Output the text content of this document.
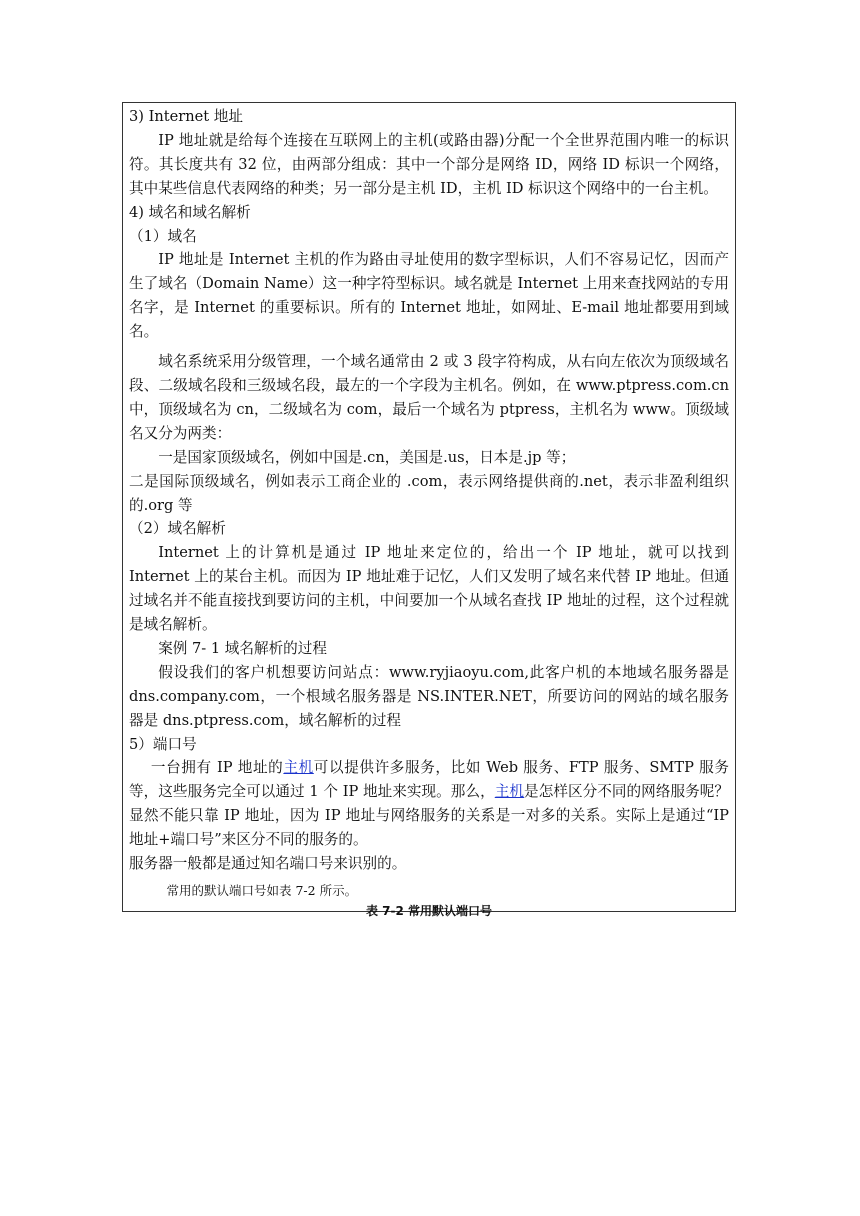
3) Internet 地址

IP 地址就是给每个连接在互联网上的主机(或路由器)分配一个全世界范围内唯一的标识符。其长度共有 32 位，由两部分组成：其中一个部分是网络 ID，网络 ID 标识一个网络，其中某些信息代表网络的种类；另一部分是主机 ID，主机 ID 标识这个网络中的一台主机。

4) 域名和域名解析

（1）域名

IP 地址是 Internet 主机的作为路由寻址使用的数字型标识，人们不容易记忆，因而产生了域名（Domain Name）这一种字符型标识。域名就是 Internet 上用来查找网站的专用名字，是 Internet 的重要标识。所有的 Internet 地址，如网址、E-mail 地址都要用到域名。

域名系统采用分级管理，一个域名通常由 2 或 3 段字符构成，从右向左依次为顶级域名段、二级域名段和三级域名段，最左的一个字段为主机名。例如，在 www.ptpress.com.cn 中，顶级域名为 cn，二级域名为 com，最后一个域名为 ptpress，主机名为 www。顶级域名又分为两类：

一是国家顶级域名，例如中国是.cn，美国是.us，日本是.jp 等；

二是国际顶级域名，例如表示工商企业的 .com，表示网络提供商的.net，表示非盈利组织的.org 等

（2）域名解析

Internet 上的计算机是通过 IP 地址来定位的，给出一个 IP 地址，就可以找到 Internet 上的某台主机。而因为 IP 地址难于记忆，人们又发明了域名来代替 IP 地址。但通过域名并不能直接找到要访问的主机，中间要加一个从域名查找 IP 地址的过程，这个过程就是域名解析。

案例 7- 1 域名解析的过程

假设我们的客户机想要访问站点：www.ryjiaoyu.com,此客户机的本地域名服务器是 dns.company.com，一个根域名服务器是 NS.INTER.NET，所要访问的网站的域名服务器是 dns.ptpress.com，域名解析的过程

5）端口号

一台拥有 IP 地址的主机可以提供许多服务，比如 Web 服务、FTP 服务、SMTP 服务等，这些服务完全可以通过 1 个 IP 地址来实现。那么，主机是怎样区分不同的网络服务呢？显然不能只靠 IP 地址，因为 IP 地址与网络服务的关系是一对多的关系。实际上是通过“IP 地址+端口号”来区分不同的服务的。

服务器一般都是通过知名端口号来识别的。

常用的默认端口号如表 7-2 所示。

表 7-2 常用默认端口号
